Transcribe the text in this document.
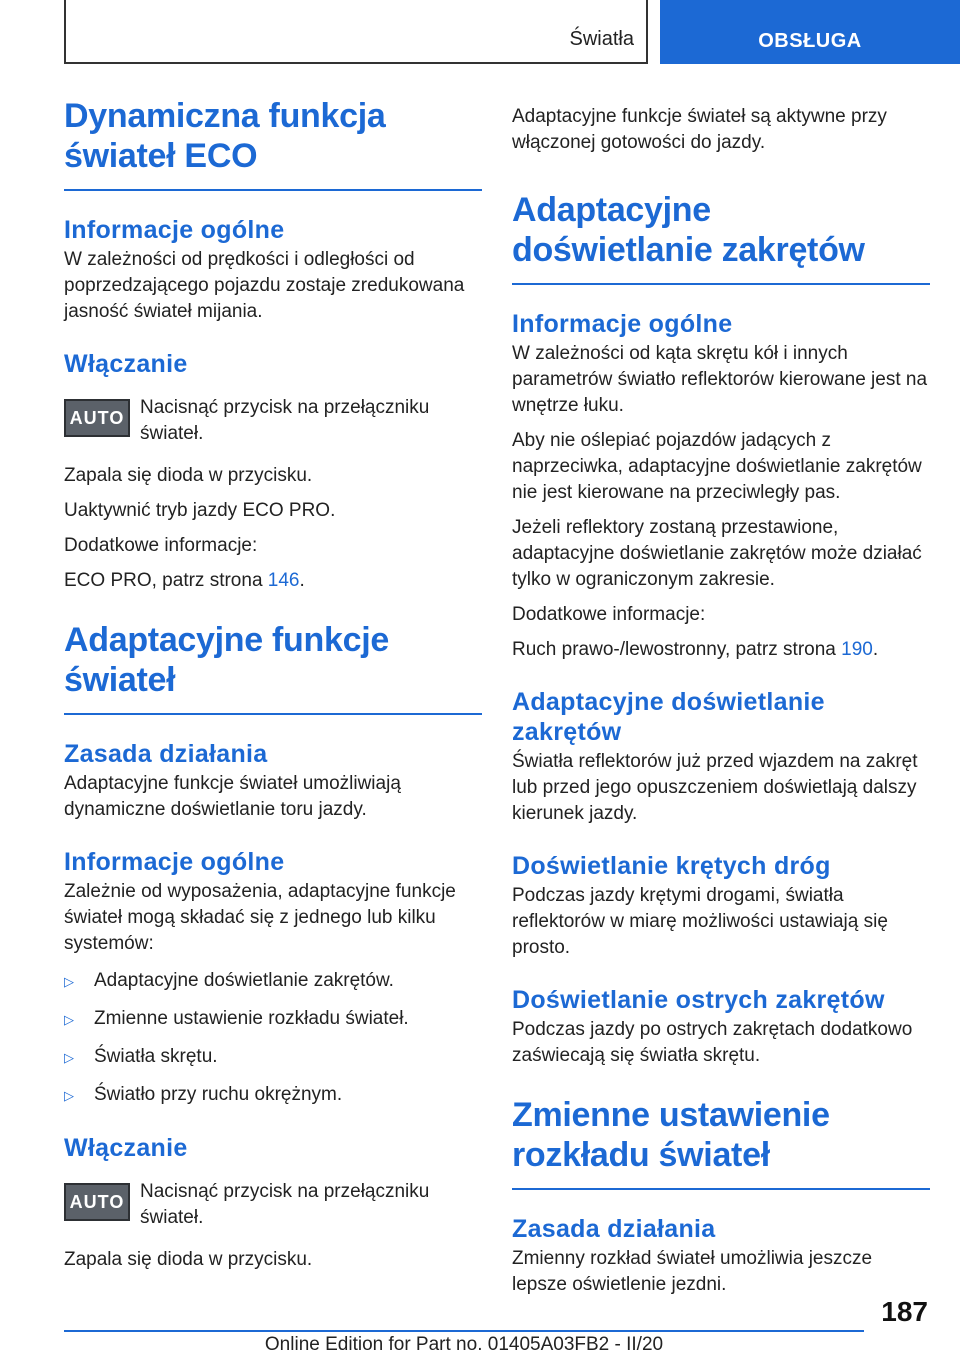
Światła	OBSŁUGA
Dynamiczna funkcja świateł ECO
Informacje ogólne

W zależności od prędkości i odległości od poprzedzającego pojazdu zostaje zredukowana jasność świateł mijania.

Włączanie
AUTO Nacisnąć przycisk na przełączniku świateł.

Zapala się dioda w przycisku.

Uaktywnić tryb jazdy ECO PRO.

Dodatkowe informacje:

ECO PRO, patrz strona 146.

Adaptacyjne funkcje świateł
Zasada działania

Adaptacyjne funkcje świateł umożliwiają dynamiczne doświetlanie toru jazdy.

Informacje ogólne

Zależnie od wyposażenia, adaptacyjne funkcje świateł mogą składać się z jednego lub kilku systemów:

▷	Adaptacyjne doświetlanie zakrętów.
▷	Zmienne ustawienie rozkładu świateł.
▷	Światła skrętu.
▷	Światło przy ruchu okrężnym.
Włączanie
AUTO Nacisnąć przycisk na przełączniku świateł.

Zapala się dioda w przycisku.

Adaptacyjne funkcje świateł są aktywne przy włączonej gotowości do jazdy.

Adaptacyjne doświetlanie zakrętów
Informacje ogólne

W zależności od kąta skrętu kół i innych parametrów światło reflektorów kierowane jest na wnętrze łuku.

Aby nie oślepiać pojazdów jadących z naprzeciwka, adaptacyjne doświetlanie zakrętów nie jest kierowane na przeciwległy pas.

Jeżeli reflektory zostaną przestawione, adaptacyjne doświetlanie zakrętów może działać tylko w ograniczonym zakresie.

Dodatkowe informacje:

Ruch prawo-/lewostronny, patrz strona 190.

Adaptacyjne doświetlanie zakrętów

Światła reflektorów już przed wjazdem na zakręt lub przed jego opuszczeniem doświetlają dalszy kierunek jazdy.

Doświetlanie krętych dróg

Podczas jazdy krętymi drogami, światła reflektorów w miarę możliwości ustawiają się prosto.

Doświetlanie ostrych zakrętów

Podczas jazdy po ostrych zakrętach dodatkowo zaświecają się światła skrętu.

Zmienne ustawienie rozkładu świateł
Zasada działania

Zmienny rozkład świateł umożliwia jeszcze lepsze oświetlenie jezdni.

187
Online Edition for Part no. 01405A03FB2 - II/20
